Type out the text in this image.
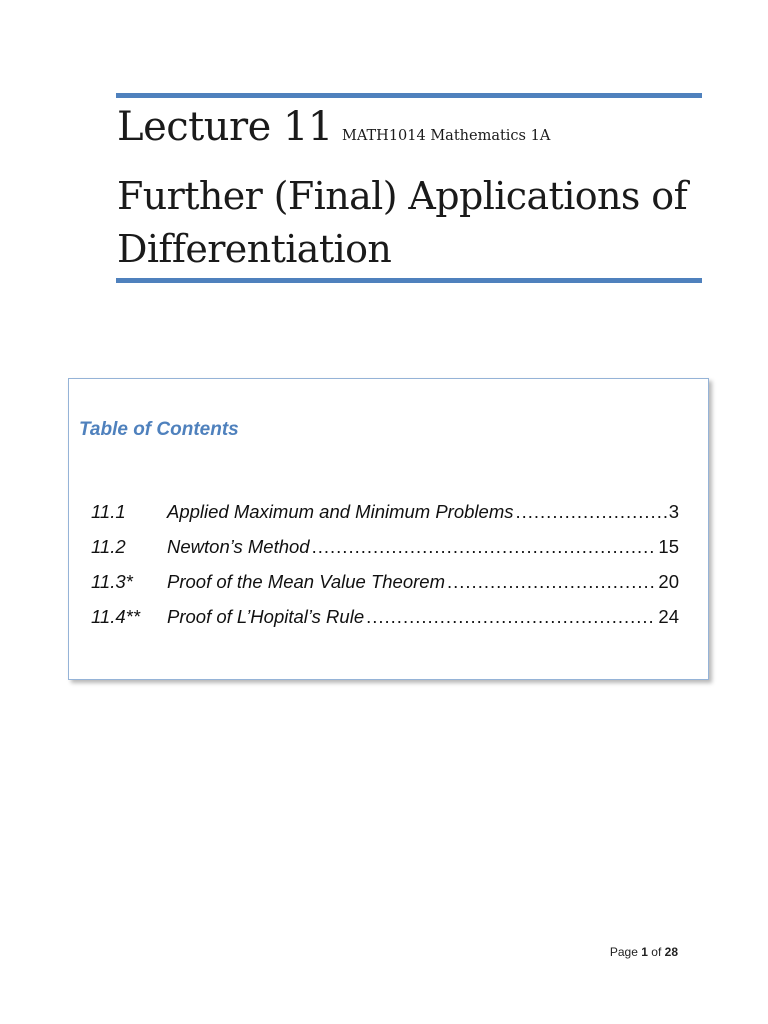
Lecture 11 MATH1014 Mathematics 1A
Further (Final) Applications of Differentiation
Table of Contents
11.1	Applied Maximum and Minimum Problems .....	3
11.2	Newton’s Method .....	15
11.3*	Proof of the Mean Value Theorem .....	20
11.4**	Proof of L’Hopital’s Rule .....	24
Page 1 of 28
